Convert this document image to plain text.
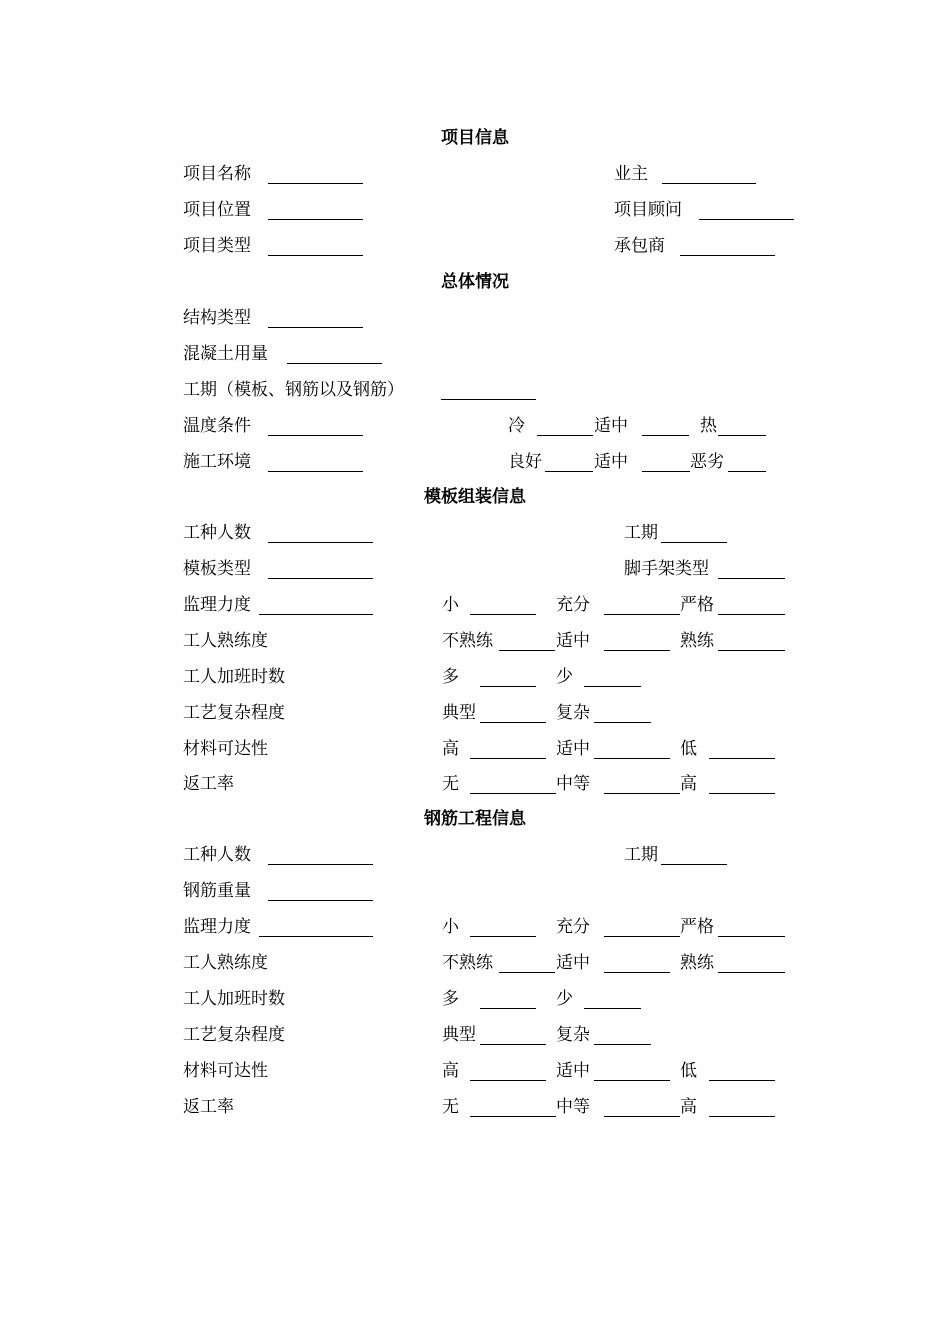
项目信息
项目名称	业主
项目位置	项目顾问
项目类型	承包商
总体情况
结构类型
混凝土用量
工期（模板、钢筋以及钢筋）
温度条件	冷	适中	热
施工环境	良好	适中	恶劣
模板组装信息
工种人数	工期
模板类型	脚手架类型
监理力度	小	充分	严格
工人熟练度	不熟练	适中	熟练
工人加班时数	多	少
工艺复杂程度	典型	复杂
材料可达性	高	适中	低
返工率	无	中等	高
钢筋工程信息
工种人数	工期
钢筋重量
监理力度	小	充分	严格
工人熟练度	不熟练	适中	熟练
工人加班时数	多	少
工艺复杂程度	典型	复杂
材料可达性	高	适中	低
返工率	无	中等	高
